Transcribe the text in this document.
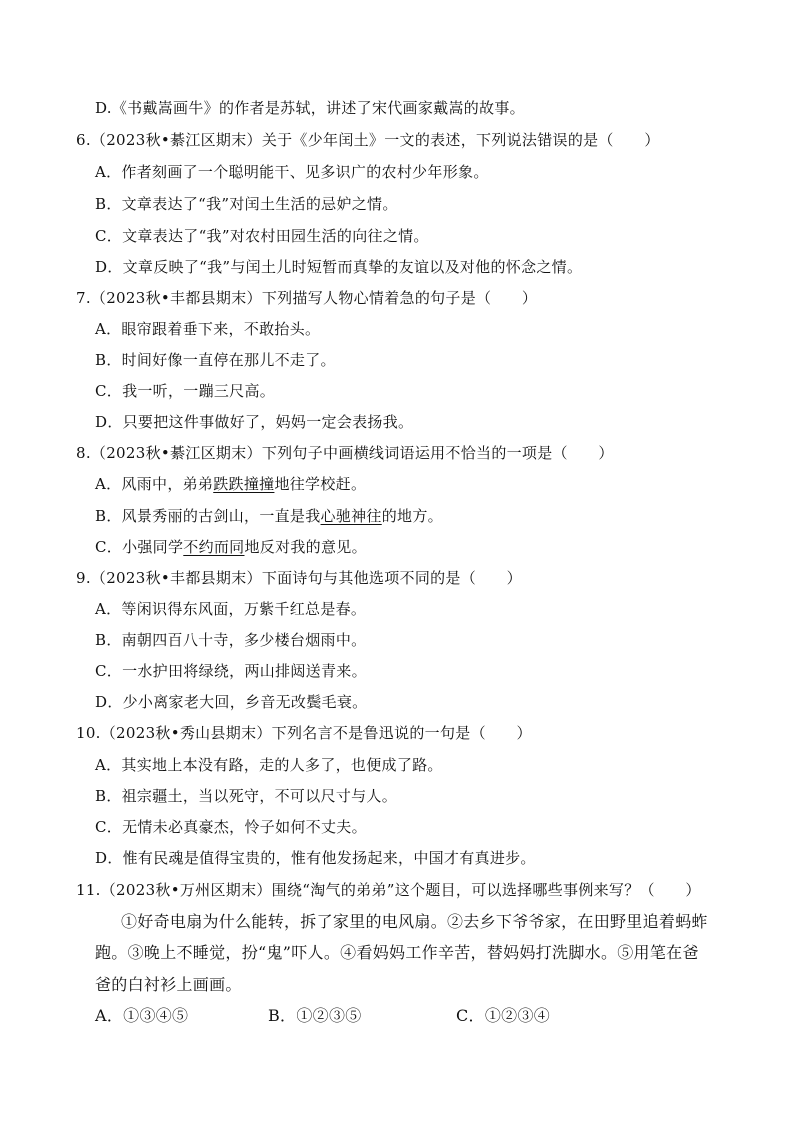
D.《书戴嵩画牛》的作者是苏轼，讲述了宋代画家戴嵩的故事。
6.（2023秋•綦江区期末）关于《少年闰土》一文的表述，下列说法错误的是（　　）
A．作者刻画了一个聪明能干、见多识广的农村少年形象。
B．文章表达了“我”对闰土生活的忌妒之情。
C．文章表达了“我”对农村田园生活的向往之情。
D．文章反映了“我”与闰土儿时短暂而真挚的友谊以及对他的怀念之情。
7.（2023秋•丰都县期末）下列描写人物心情着急的句子是（　　）
A．眼帘跟着垂下来，不敢抬头。
B．时间好像一直停在那儿不走了。
C．我一听，一蹦三尺高。
D．只要把这件事做好了，妈妈一定会表扬我。
8.（2023秋•綦江区期末）下列句子中画横线词语运用不恰当的一项是（　　）
A．风雨中，弟弟跌跌撞撞地往学校赶。
B．风景秀丽的古剑山，一直是我心驰神往的地方。
C．小强同学不约而同地反对我的意见。
9.（2023秋•丰都县期末）下面诗句与其他选项不同的是（　　）
A．等闲识得东风面，万紫千红总是春。
B．南朝四百八十寺，多少楼台烟雨中。
C．一水护田将绿绕，两山排闼送青来。
D．少小离家老大回，乡音无改鬓毛衰。
10.（2023秋•秀山县期末）下列名言不是鲁迅说的一句是（　　）
A．其实地上本没有路，走的人多了，也便成了路。
B．祖宗疆土，当以死守，不可以尺寸与人。
C．无情未必真豪杰，怜子如何不丈夫。
D．惟有民魂是值得宝贵的，惟有他发扬起来，中国才有真进步。
11.（2023秋•万州区期末）围绕“淘气的弟弟”这个题目，可以选择哪些事例来写？（　　）
①好奇电扇为什么能转，拆了家里的电风扇。②去乡下爷爷家，在田野里追着蚂蚱
跑。③晚上不睡觉，扮“鬼”吓人。④看妈妈工作辛苦，替妈妈打洗脚水。⑤用笔在爸
爸的白衬衫上画画。
A．①③④⑤	B．①②③⑤	C．①②③④
